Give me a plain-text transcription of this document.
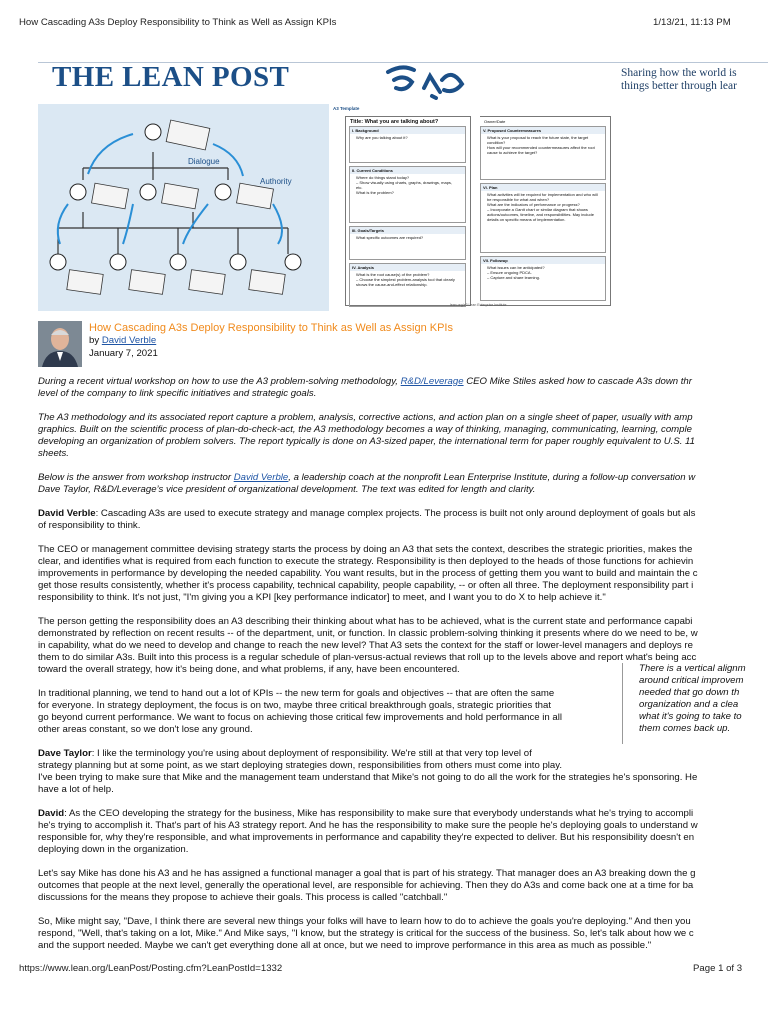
How Cascading A3s Deploy Responsibility to Think as Well as Assign KPIs	1/13/21, 11:13 PM
THE LEAN POST	Sharing how the world is
things better through lear
Dialogue
Authority
A3 Template
Title: What you are talking about?	Owner/Date
I. Background
Why are you talking about it?
II. Current Conditions
Where do things stand today?
– Show visually using charts, graphs, drawings, maps, etc.
What is the problem?
III. Goals/Targets
What specific outcomes are required?
IV. Analysis
What is the root cause(s) of the problem?
– Choose the simplest problem-analysis tool that clearly shows the cause-and-effect relationship.
V. Proposed Countermeasures
What is your proposal to reach the future state, the target condition?
How will your recommended countermeasures affect the root cause to achieve the target?
VI. Plan
What activities will be required for implementation and who will be responsible for what and when?
What are the indicators of performance or progress?
– Incorporate a Gantt chart or similar diagram that shows actions/outcomes, timeline, and responsibilities. May include details on specific means of implementation.
VII. Followup
What issues can be anticipated?
– Ensure ongoing PDCA.
– Capture and share learning.
lean.org/a3 Lean Enterprise Institute
How Cascading A3s Deploy Responsibility to Think as Well as Assign KPIs
by David Verble
January 7, 2021

During a recent virtual workshop on how to use the A3 problem-solving methodology, R&D/Leverage CEO Mike Stiles asked how to cascade A3s down thr
level of the company to link specific initiatives and strategic goals.

The A3 methodology and its associated report capture a problem, analysis, corrective actions, and action plan on a single sheet of paper, usually with amp
graphics. Built on the scientific process of plan-do-check-act, the A3 methodology becomes a way of thinking, managing, communicating, learning, comple
developing an organization of problem solvers. The report typically is done on A3-sized paper, the international term for paper roughly equivalent to U.S. 11
sheets.

Below is the answer from workshop instructor David Verble, a leadership coach at the nonprofit Lean Enterprise Institute, during a follow-up conversation w
Dave Taylor, R&D/Leverage’s vice president of organizational development. The text was edited for length and clarity.

David Verble: Cascading A3s are used to execute strategy and manage complex projects. The process is built not only around deployment of goals but als
of responsibility to think.

The CEO or management committee devising strategy starts the process by doing an A3 that sets the context, describes the strategic priorities, makes the
clear, and identifies what is required from each function to execute the strategy. Responsibility is then deployed to the heads of those functions for achievin
improvements in performance by developing the needed capability. You want results, but in the process of getting them you want to build and maintain the c
get those results consistently, whether it's process capability, technical capability, people capability, -- or often all three. The deployment responsibility part i
responsibility to think. It's not just, "I'm giving you a KPI [key performance indicator] to meet, and I want you to do X to help achieve it."

The person getting the responsibility does an A3 describing their thinking about what has to be achieved, what is the current state and performance capabi
demonstrated by reflection on recent results -- of the department, unit, or function. In classic problem-solving thinking it presents where do we need to be, w
in capability, what do we need to develop and change to reach the new level? That A3 sets the context for the staff or lower-level managers and deploys re
them to do similar A3s. Built into this process is a regular schedule of plan-versus-actual reviews that roll up to the levels above and report what's being acc
toward the overall strategy, how it's being done, and what problems, if any, have been encountered.

In traditional planning, we tend to hand out a lot of KPIs -- the new term for goals and objectives -- that are often the same
for everyone. In strategy deployment, the focus is on two, maybe three critical breakthrough goals, strategic priorities that
go beyond current performance. We want to focus on achieving those critical few improvements and hold performance in all
other areas constant, so we don't lose any ground.

Dave Taylor: I like the terminology you're using about deployment of responsibility. We're still at that very top level of
strategy planning but at some point, as we start deploying strategies down, responsibilities from others must come into play.
I've been trying to make sure that Mike and the management team understand that Mike's not going to do all the work for the strategies he's sponsoring. He
have a lot of help.

David: As the CEO developing the strategy for the business, Mike has responsibility to make sure that everybody understands what he's trying to accompli
he's trying to accomplish it. That's part of his A3 strategy report. And he has the responsibility to make sure the people he's deploying goals to understand w
responsible for, why they're responsible, and what improvements in performance and capability they're expected to deliver. But his responsibility doesn't en
deploying down in the organization.

Let's say Mike has done his A3 and he has assigned a functional manager a goal that is part of his strategy. That manager does an A3 breaking down the g
outcomes that people at the next level, generally the operational level, are responsible for achieving. Then they do A3s and come back one at a time for ba
discussions for the means they propose to achieve their goals. This process is called "catchball."

So, Mike might say, "Dave, I think there are several new things your folks will have to learn how to do to achieve the goals you're deploying." And then you
respond, "Well, that's taking on a lot, Mike." And Mike says, "I know, but the strategy is critical for the success of the business. So, let's talk about how we c
and the support needed. Maybe we can't get everything done all at once, but we need to improve performance in this area as much as possible."

There is a vertical alignm
around critical improvem
needed that go down th
organization and a clea
what it's going to take to
them comes back up.
https://www.lean.org/LeanPost/Posting.cfm?LeanPostId=1332	Page 1 of 3
